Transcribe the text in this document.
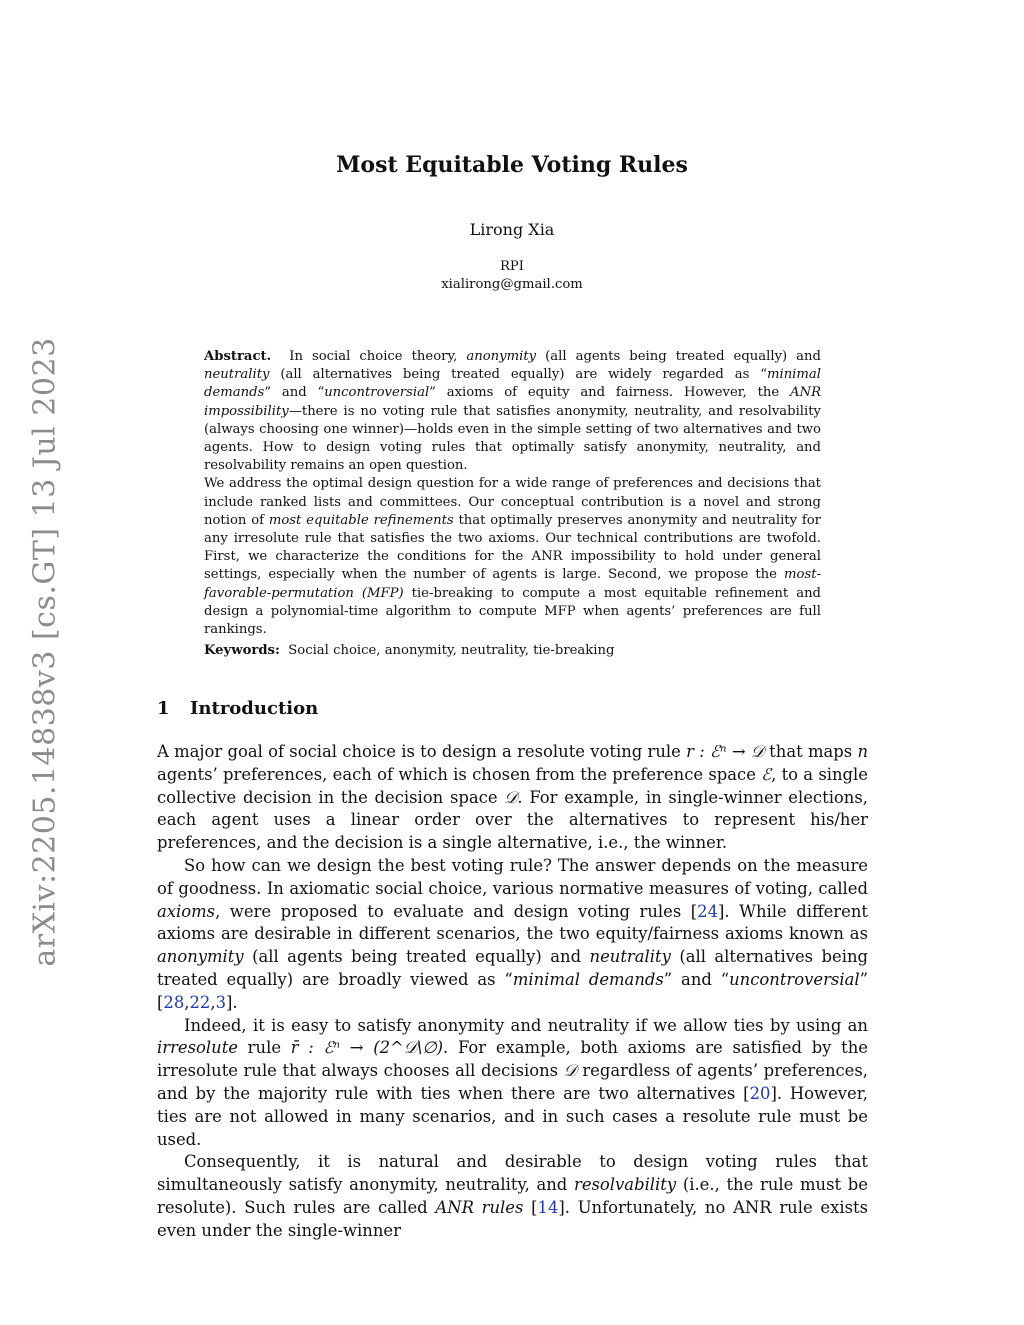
arXiv:2205.14838v3 [cs.GT] 13 Jul 2023
Most Equitable Voting Rules
Lirong Xia
RPI
xialirong@gmail.com

Abstract. In social choice theory, anonymity (all agents being treated equally) and neutrality (all alternatives being treated equally) are widely regarded as “minimal demands” and “uncontroversial” axioms of equity and fairness. However, the ANR impossibility—there is no voting rule that satisfies anonymity, neutrality, and resolvability (always choosing one winner)—holds even in the simple setting of two alternatives and two agents. How to design voting rules that optimally satisfy anonymity, neutrality, and resolvability remains an open question.

We address the optimal design question for a wide range of preferences and decisions that include ranked lists and committees. Our conceptual contribution is a novel and strong notion of most equitable refinements that optimally preserves anonymity and neutrality for any irresolute rule that satisfies the two axioms. Our technical contributions are twofold. First, we characterize the conditions for the ANR impossibility to hold under general settings, especially when the number of agents is large. Second, we propose the most-favorable-permutation (MFP) tie-breaking to compute a most equitable refinement and design a polynomial-time algorithm to compute MFP when agents’ preferences are full rankings.

Keywords: Social choice, anonymity, neutrality, tie-breaking
1 Introduction

A major goal of social choice is to design a resolute voting rule r : ℰⁿ → 𝒟 that maps n agents’ preferences, each of which is chosen from the preference space ℰ, to a single collective decision in the decision space 𝒟. For example, in single-winner elections, each agent uses a linear order over the alternatives to represent his/her preferences, and the decision is a single alternative, i.e., the winner.

So how can we design the best voting rule? The answer depends on the measure of goodness. In axiomatic social choice, various normative measures of voting, called axioms, were proposed to evaluate and design voting rules [24]. While different axioms are desirable in different scenarios, the two equity/fairness axioms known as anonymity (all agents being treated equally) and neutrality (all alternatives being treated equally) are broadly viewed as “minimal demands” and “uncontroversial” [28,22,3].

Indeed, it is easy to satisfy anonymity and neutrality if we allow ties by using an irresolute rule r̄ : ℰⁿ → (2^𝒟\∅). For example, both axioms are satisfied by the irresolute rule that always chooses all decisions 𝒟 regardless of agents’ preferences, and by the majority rule with ties when there are two alternatives [20]. However, ties are not allowed in many scenarios, and in such cases a resolute rule must be used.

Consequently, it is natural and desirable to design voting rules that simultaneously satisfy anonymity, neutrality, and resolvability (i.e., the rule must be resolute). Such rules are called ANR rules [14]. Unfortunately, no ANR rule exists even under the single-winner
